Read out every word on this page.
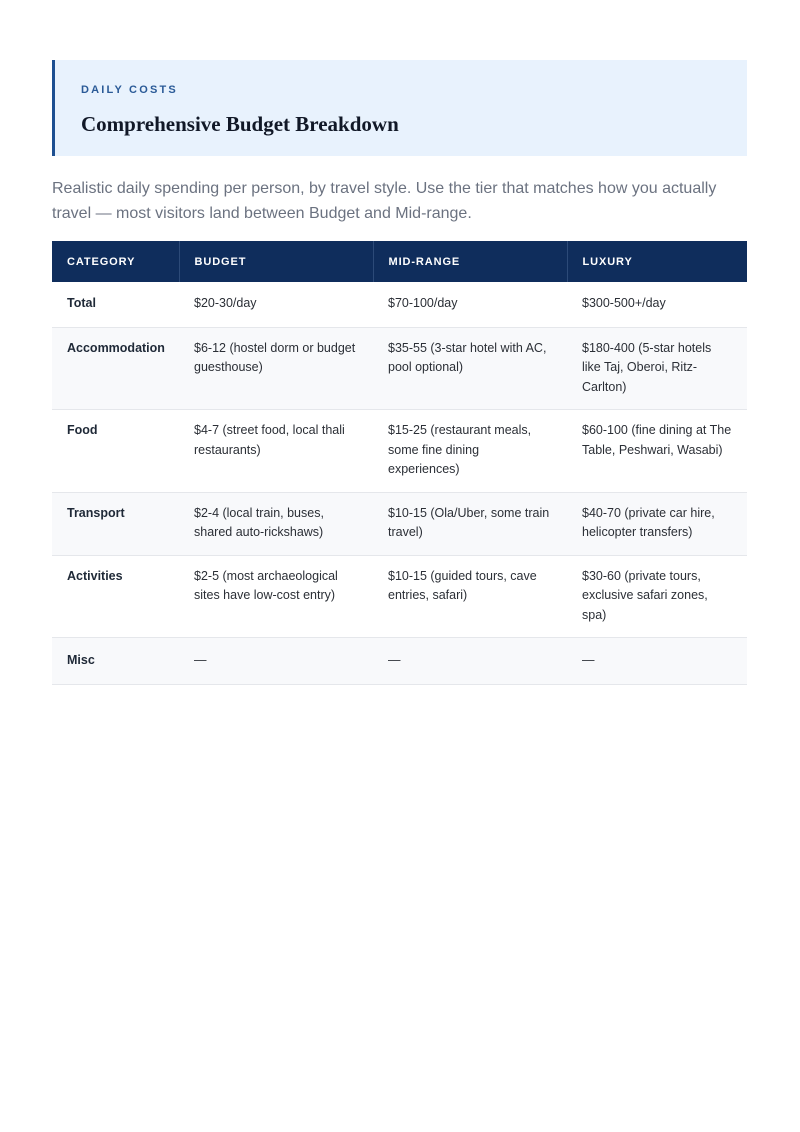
DAILY COSTS
Comprehensive Budget Breakdown

Realistic daily spending per person, by travel style. Use the tier that matches how you actually travel — most visitors land between Budget and Mid-range.

CATEGORY	BUDGET	MID-RANGE	LUXURY
Total	$20-30/day	$70-100/day	$300-500+/day
Accommodation	$6-12 (hostel dorm or budget guesthouse)	$35-55 (3-star hotel with AC, pool optional)	$180-400 (5-star hotels like Taj, Oberoi, Ritz-Carlton)
Food	$4-7 (street food, local thali restaurants)	$15-25 (restaurant meals, some fine dining experiences)	$60-100 (fine dining at The Table, Peshwari, Wasabi)
Transport	$2-4 (local train, buses, shared auto-rickshaws)	$10-15 (Ola/Uber, some train travel)	$40-70 (private car hire, helicopter transfers)
Activities	$2-5 (most archaeological sites have low-cost entry)	$10-15 (guided tours, cave entries, safari)	$30-60 (private tours, exclusive safari zones, spa)
Misc	—	—	—
